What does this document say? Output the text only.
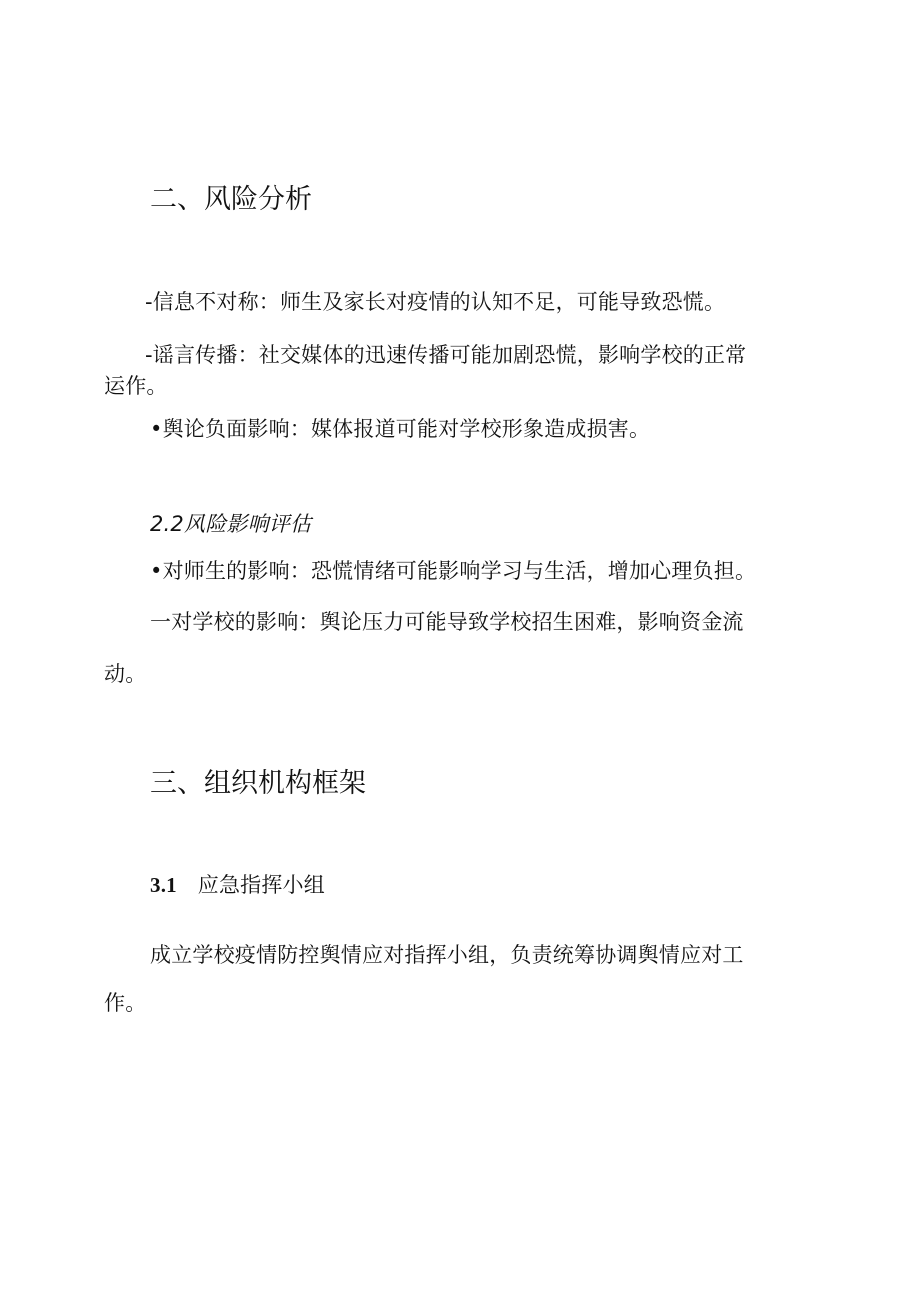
二、风险分析
-信息不对称：师生及家长对疫情的认知不足，可能导致恐慌。
-谣言传播：社交媒体的迅速传播可能加剧恐慌，影响学校的正常
运作。
•舆论负面影响：媒体报道可能对学校形象造成损害。
2.2风险影响评估
•对师生的影响：恐慌情绪可能影响学习与生活，增加心理负担。
一对学校的影响：舆论压力可能导致学校招生困难，影响资金流
动。
三、组织机构框架
3.1 应急指挥小组
成立学校疫情防控舆情应对指挥小组，负责统筹协调舆情应对工
作。
